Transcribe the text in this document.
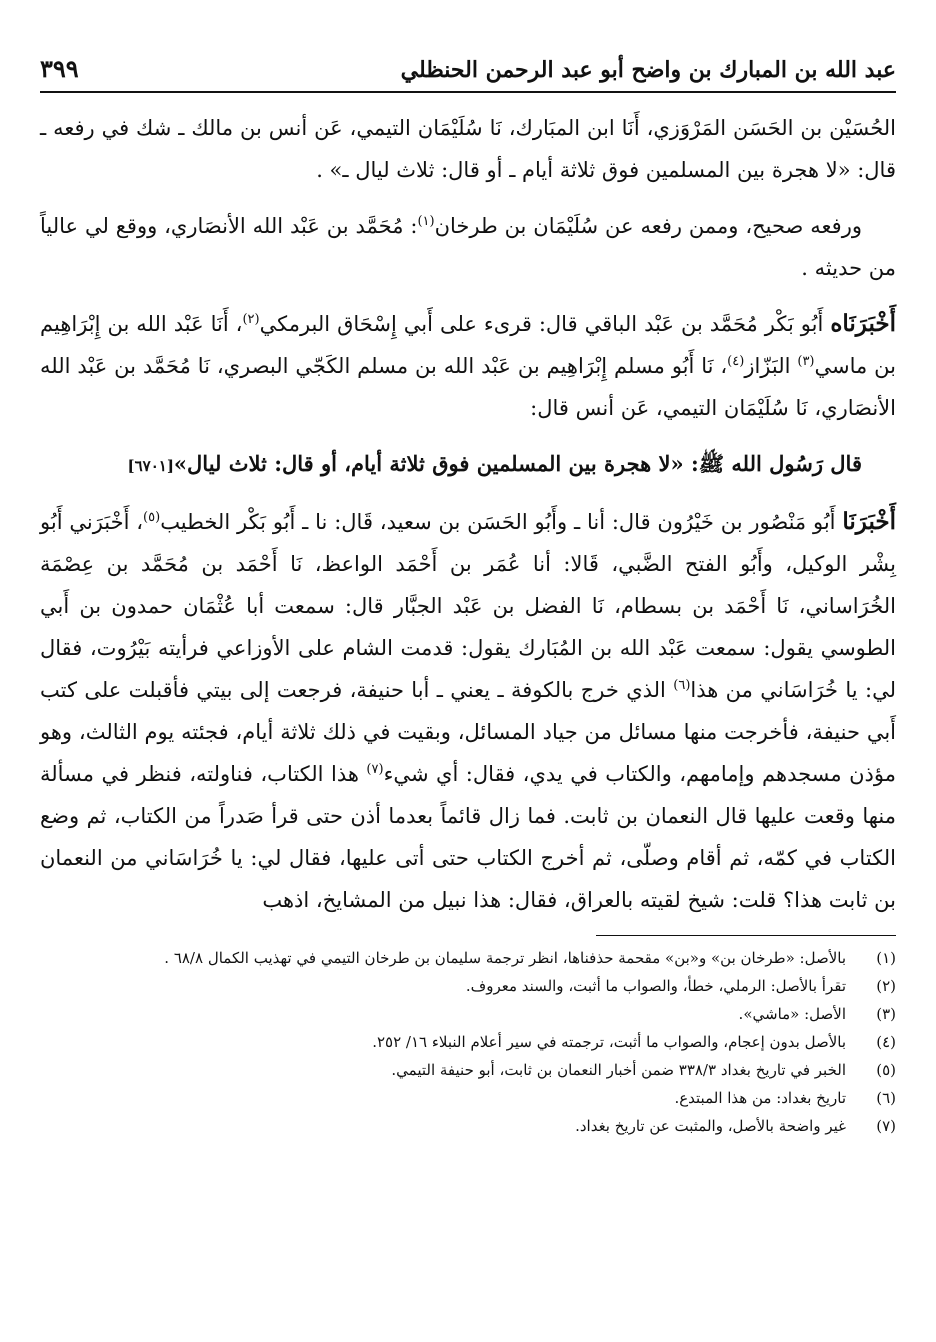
عبد الله بن المبارك بن واضح أبو عبد الرحمن الحنظلي
٣٩٩

الحُسَيْن بن الحَسَن المَرْوَزي، أَنَا ابن المبَارك، نَا سُلَيْمَان التيمي، عَن أنس بن مالك ـ شك في رفعه ـ قال: «لا هجرة بين المسلمين فوق ثلاثة أيام ـ أو قال: ثلاث ليال ـ» .

ورفعه صحيح، وممن رفعه عن سُلَيْمَان بن طرخان$^{(١)}$: مُحَمَّد بن عَبْد الله الأنصَاري، ووقع لي عالياً من حديثه .

أَخْبَرَنَاه أَبُو بَكْر مُحَمَّد بن عَبْد الباقي قال: قرىء على أَبي إِسْحَاق البرمكي$^{(٢)}$، أَنَا عَبْد الله بن إِبْرَاهِيم بن ماسي$^{(٣)}$ البَزّاز$^{(٤)}$، نَا أَبُو مسلم إِبْرَاهِيم بن عَبْد الله بن مسلم الكَجّي البصري، نَا مُحَمَّد بن عَبْد الله الأنصَاري، نَا سُلَيْمَان التيمي، عَن أنس قال:

قال رَسُول الله ﷺ: «لا هجرة بين المسلمين فوق ثلاثة أيام، أو قال: ثلاث ليال»[٦٧٠١]

أَخْبَرَنَا أَبُو مَنْصُور بن خَيْرُون قال: أنا ـ وأَبُو الحَسَن بن سعيد، قَال: نا ـ أَبُو بَكْر الخطيب$^{(٥)}$، أَخْبَرَني أَبُو بِشْر الوكيل، وأَبُو الفتح الضَّبي، قَالا: أنا عُمَر بن أَحْمَد الواعظ، نَا أَحْمَد بن مُحَمَّد بن عِصْمَة الخُرَاساني، نَا أَحْمَد بن بسطام، نَا الفضل بن عَبْد الجبَّار قال: سمعت أبا عُثْمَان حمدون بن أَبي الطوسي يقول: سمعت عَبْد الله بن المُبَارك يقول: قدمت الشام على الأوزاعي فرأيته بَيْرُوت، فقال لي: يا خُرَاسَاني من هذا$^{(٦)}$ الذي خرج بالكوفة ـ يعني ـ أبا حنيفة، فرجعت إلى بيتي فأقبلت على كتب أَبي حنيفة، فأخرجت منها مسائل من جياد المسائل، وبقيت في ذلك ثلاثة أيام، فجئته يوم الثالث، وهو مؤذن مسجدهم وإمامهم، والكتاب في يدي، فقال: أي شيء$^{(٧)}$ هذا الكتاب، فناولته، فنظر في مسألة منها وقعت عليها قال النعمان بن ثابت. فما زال قائماً بعدما أذن حتى قرأ صَدراً من الكتاب، ثم وضع الكتاب في كمّه، ثم أقام وصلّى، ثم أخرج الكتاب حتى أتى عليها، فقال لي: يا خُرَاسَاني من النعمان بن ثابت هذا؟ قلت: شيخ لقيته بالعراق، فقال: هذا نبيل من المشايخ، اذهب

(١)
بالأصل: «طرخان بن» و«بن» مقحمة حذفناها، انظر ترجمة سليمان بن طرخان التيمي في تهذيب الكمال ٦٨/٨ .
(٢)
تقرأ بالأصل: الرملي، خطأ، والصواب ما أثبت، والسند معروف.
(٣)
الأصل: «ماشي».
(٤)
بالأصل بدون إعجام، والصواب ما أثبت، ترجمته في سير أعلام النبلاء ١٦/ ٢٥٢.
(٥)
الخبر في تاريخ بغداد ٣٣٨/٣ ضمن أخبار النعمان بن ثابت، أبو حنيفة التيمي.
(٦)
تاريخ بغداد: من هذا المبتدع.
(٧)
غير واضحة بالأصل، والمثبت عن تاريخ بغداد.
